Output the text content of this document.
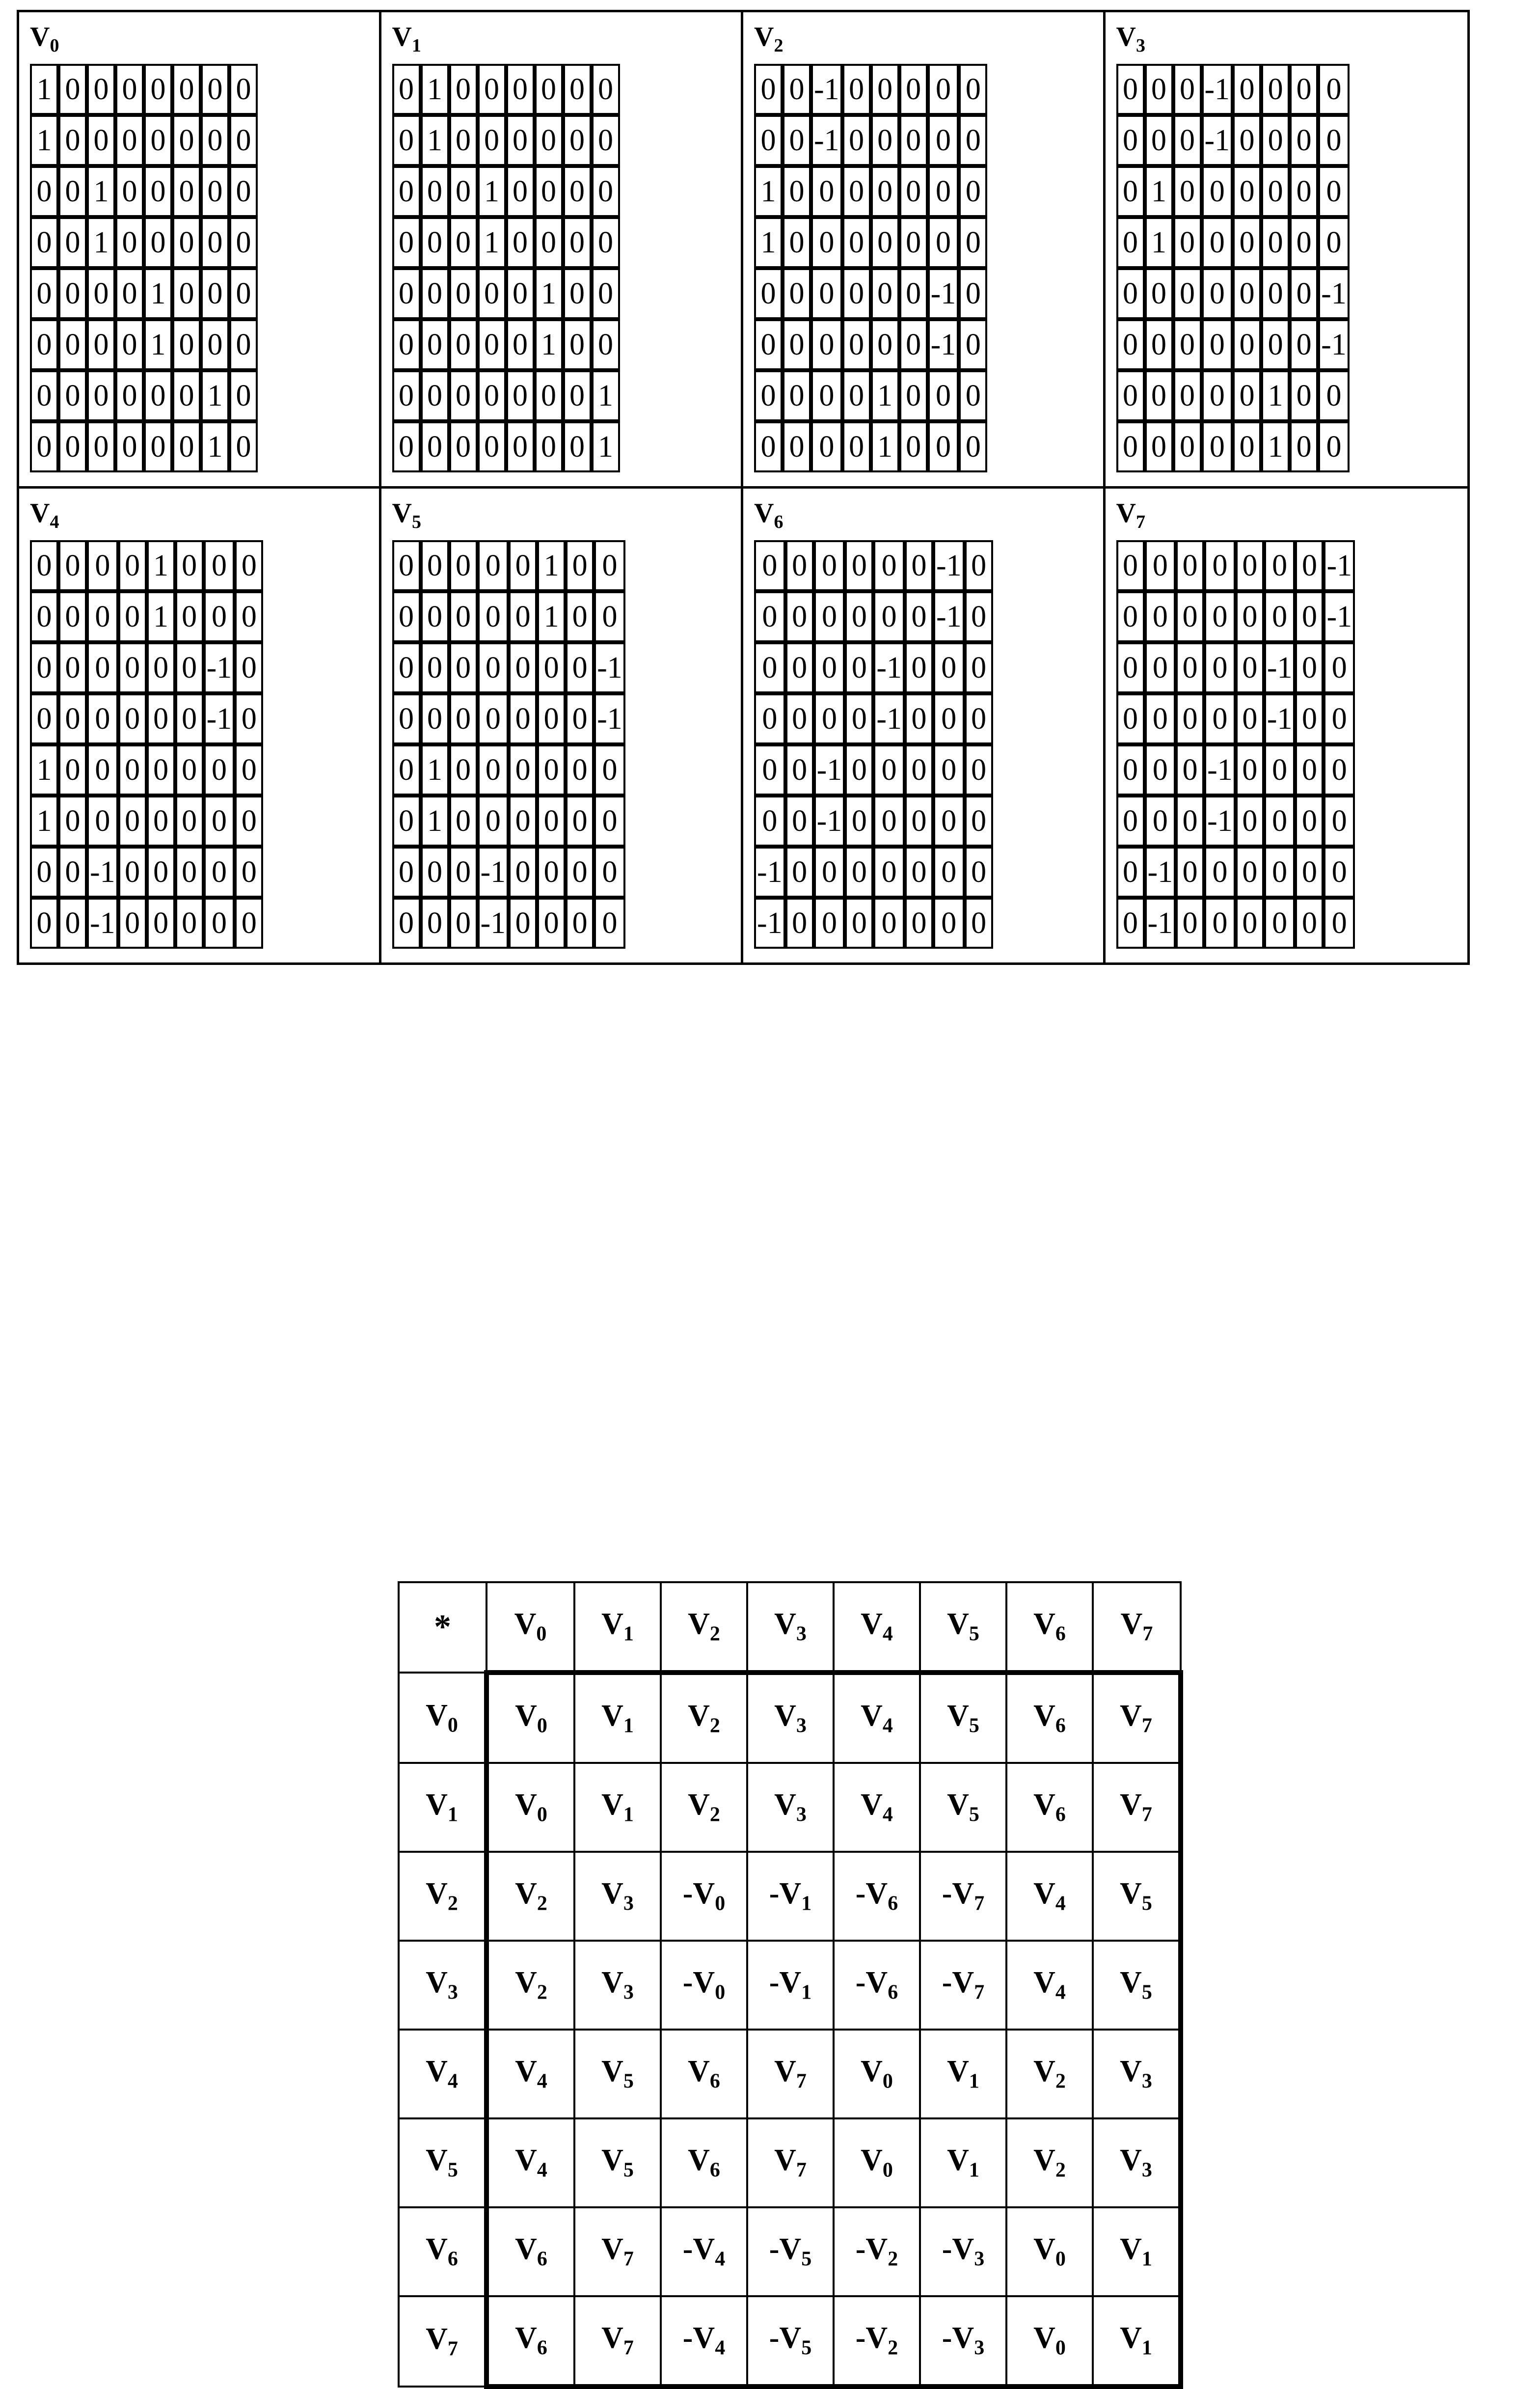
$V_0$
1	0	0	0	0	0	0	0
1	0	0	0	0	0	0	0
0	0	1	0	0	0	0	0
0	0	1	0	0	0	0	0
0	0	0	0	1	0	0	0
0	0	0	0	1	0	0	0
0	0	0	0	0	0	1	0
0	0	0	0	0	0	1	0
$V_1$
0	1	0	0	0	0	0	0
0	1	0	0	0	0	0	0
0	0	0	1	0	0	0	0
0	0	0	1	0	0	0	0
0	0	0	0	0	1	0	0
0	0	0	0	0	1	0	0
0	0	0	0	0	0	0	1
0	0	0	0	0	0	0	1
$V_2$
0	0	-1	0	0	0	0	0
0	0	-1	0	0	0	0	0
1	0	0	0	0	0	0	0
1	0	0	0	0	0	0	0
0	0	0	0	0	0	-1	0
0	0	0	0	0	0	-1	0
0	0	0	0	1	0	0	0
0	0	0	0	1	0	0	0
$V_3$
0	0	0	-1	0	0	0	0
0	0	0	-1	0	0	0	0
0	1	0	0	0	0	0	0
0	1	0	0	0	0	0	0
0	0	0	0	0	0	0	-1
0	0	0	0	0	0	0	-1
0	0	0	0	0	1	0	0
0	0	0	0	0	1	0	0
$V_4$
0	0	0	0	1	0	0	0
0	0	0	0	1	0	0	0
0	0	0	0	0	0	-1	0
0	0	0	0	0	0	-1	0
1	0	0	0	0	0	0	0
1	0	0	0	0	0	0	0
0	0	-1	0	0	0	0	0
0	0	-1	0	0	0	0	0
$V_5$
0	0	0	0	0	1	0	0
0	0	0	0	0	1	0	0
0	0	0	0	0	0	0	-1
0	0	0	0	0	0	0	-1
0	1	0	0	0	0	0	0
0	1	0	0	0	0	0	0
0	0	0	-1	0	0	0	0
0	0	0	-1	0	0	0	0
$V_6$
0	0	0	0	0	0	-1	0
0	0	0	0	0	0	-1	0
0	0	0	0	-1	0	0	0
0	0	0	0	-1	0	0	0
0	0	-1	0	0	0	0	0
0	0	-1	0	0	0	0	0
-1	0	0	0	0	0	0	0
-1	0	0	0	0	0	0	0
$V_7$
0	0	0	0	0	0	0	-1
0	0	0	0	0	0	0	-1
0	0	0	0	0	-1	0	0
0	0	0	0	0	-1	0	0
0	0	0	-1	0	0	0	0
0	0	0	-1	0	0	0	0
0	-1	0	0	0	0	0	0
0	-1	0	0	0	0	0	0
*	$V_0$	$V_1$	$V_2$	$V_3$	$V_4$	$V_5$	$V_6$	$V_7$
$V_0$	$V_0$	$V_1$	$V_2$	$V_3$	$V_4$	$V_5$	$V_6$	$V_7$
$V_1$	$V_0$	$V_1$	$V_2$	$V_3$	$V_4$	$V_5$	$V_6$	$V_7$
$V_2$	$V_2$	$V_3$	$-V_0$	$-V_1$	$-V_6$	$-V_7$	$V_4$	$V_5$
$V_3$	$V_2$	$V_3$	$-V_0$	$-V_1$	$-V_6$	$-V_7$	$V_4$	$V_5$
$V_4$	$V_4$	$V_5$	$V_6$	$V_7$	$V_0$	$V_1$	$V_2$	$V_3$
$V_5$	$V_4$	$V_5$	$V_6$	$V_7$	$V_0$	$V_1$	$V_2$	$V_3$
$V_6$	$V_6$	$V_7$	$-V_4$	$-V_5$	$-V_2$	$-V_3$	$V_0$	$V_1$
$V_7$	$V_6$	$V_7$	$-V_4$	$-V_5$	$-V_2$	$-V_3$	$V_0$	$V_1$
